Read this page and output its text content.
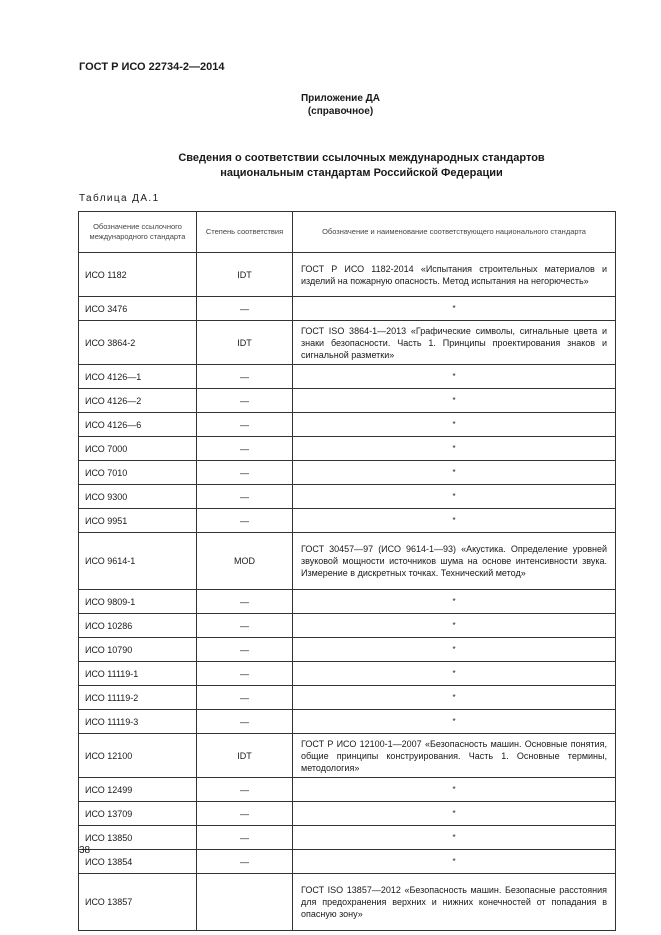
ГОСТ Р ИСО 22734-2—2014
Приложение ДА
(справочное)
Сведения о соответствии ссылочных международных стандартов
национальным стандартам Российской Федерации
Таблица ДА.1
Обозначение ссылочного международного стандарта	Степень соответствия	Обозначение и наименование соответствующего национального стандарта
ИСО 1182	IDT	ГОСТ Р ИСО 1182-2014 «Испытания строительных материалов и изделий на пожарную опасность. Метод испытания на негорючесть»
ИСО 3476	—	*
ИСО 3864-2	IDT	ГОСТ ISO 3864-1—2013 «Графические символы, сигнальные цвета и знаки безопасности. Часть 1. Принципы проектирования знаков и сигнальной разметки»
ИСО 4126—1	—	*
ИСО 4126—2	—	*
ИСО 4126—6	—	*
ИСО 7000	—	*
ИСО 7010	—	*
ИСО 9300	—	*
ИСО 9951	—	*
ИСО 9614-1	MOD	ГОСТ 30457—97 (ИСО 9614-1—93) «Акустика. Определение уровней звуковой мощности источников шума на основе интенсивности звука. Измерение в дискретных точках. Технический метод»
ИСО 9809-1	—	*
ИСО 10286	—	*
ИСО 10790	—	*
ИСО 11119-1	—	*
ИСО 11119-2	—	*
ИСО 11119-3	—	*
ИСО 12100	IDT	ГОСТ Р ИСО 12100-1—2007 «Безопасность машин. Основные понятия, общие принципы конструирования. Часть 1. Основные термины, методология»
ИСО 12499	—	*
ИСО 13709	—	*
ИСО 13850	—	*
ИСО 13854	—	*
ИСО 13857		ГОСТ ISO 13857—2012 «Безопасность машин. Безопасные расстояния для предохранения верхних и нижних конечностей от попадания в опасную зону»
38
